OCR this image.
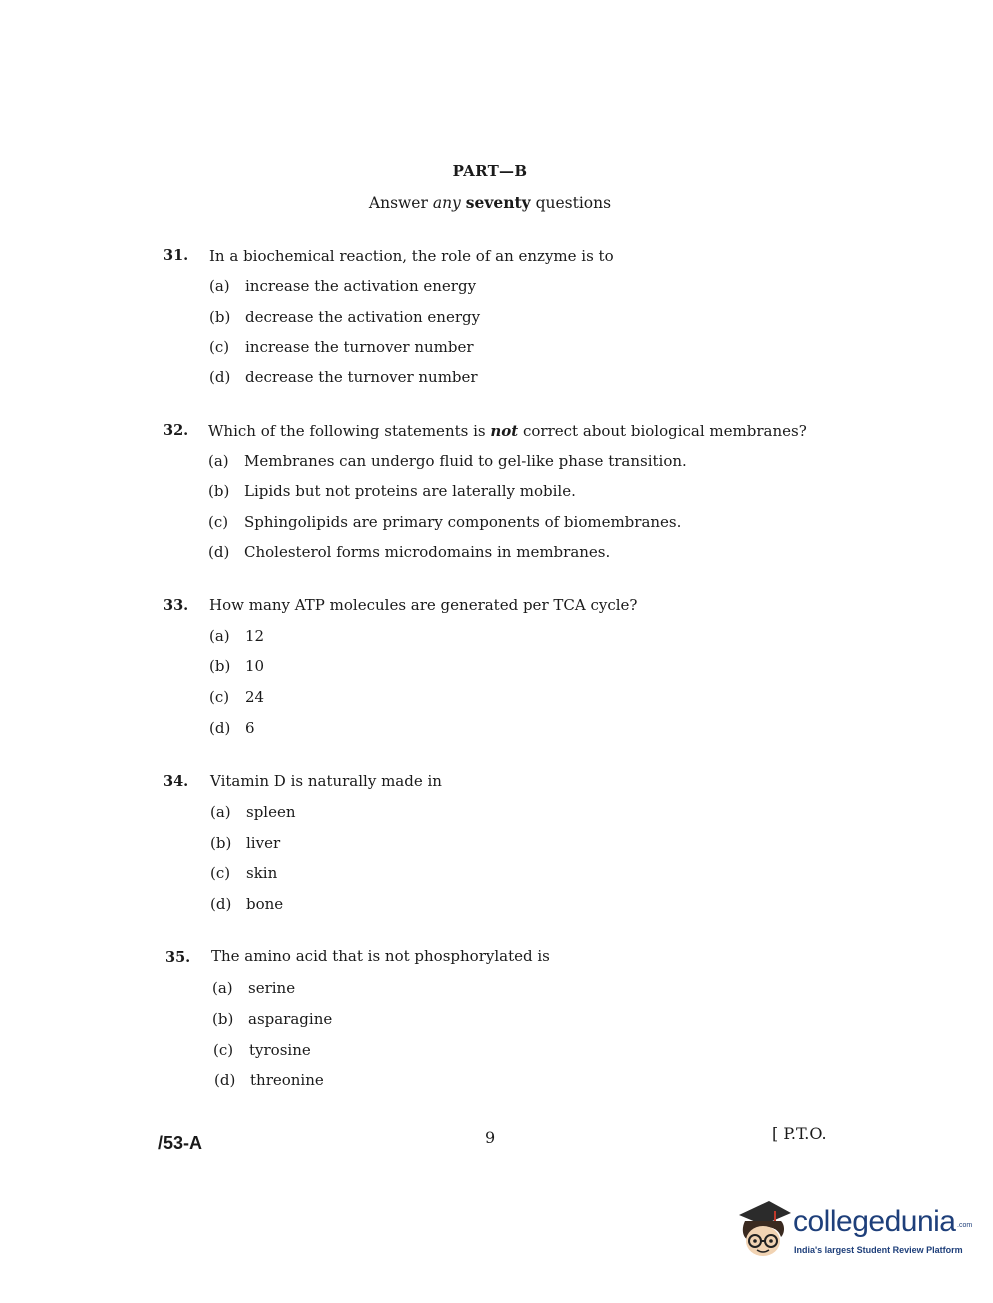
PART—B
Answer any seventy questions
31. In a biochemical reaction, the role of an enzyme is to
(a) increase the activation energy
(b) decrease the activation energy
(c) increase the turnover number
(d) decrease the turnover number
32. Which of the following statements is not correct about biological membranes?
(a) Membranes can undergo fluid to gel-like phase transition.
(b) Lipids but not proteins are laterally mobile.
(c) Sphingolipids are primary components of biomembranes.
(d) Cholesterol forms microdomains in membranes.
33. How many ATP molecules are generated per TCA cycle?
(a) 12
(b) 10
(c) 24
(d) 6
34. Vitamin D is naturally made in
(a) spleen
(b) liver
(c) skin
(d) bone
35. The amino acid that is not phosphorylated is
(a) serine
(b) asparagine
(c) tyrosine
(d) threonine
/53-A	9	[ P.T.O.
collegedunia .com
India's largest Student Review Platform
